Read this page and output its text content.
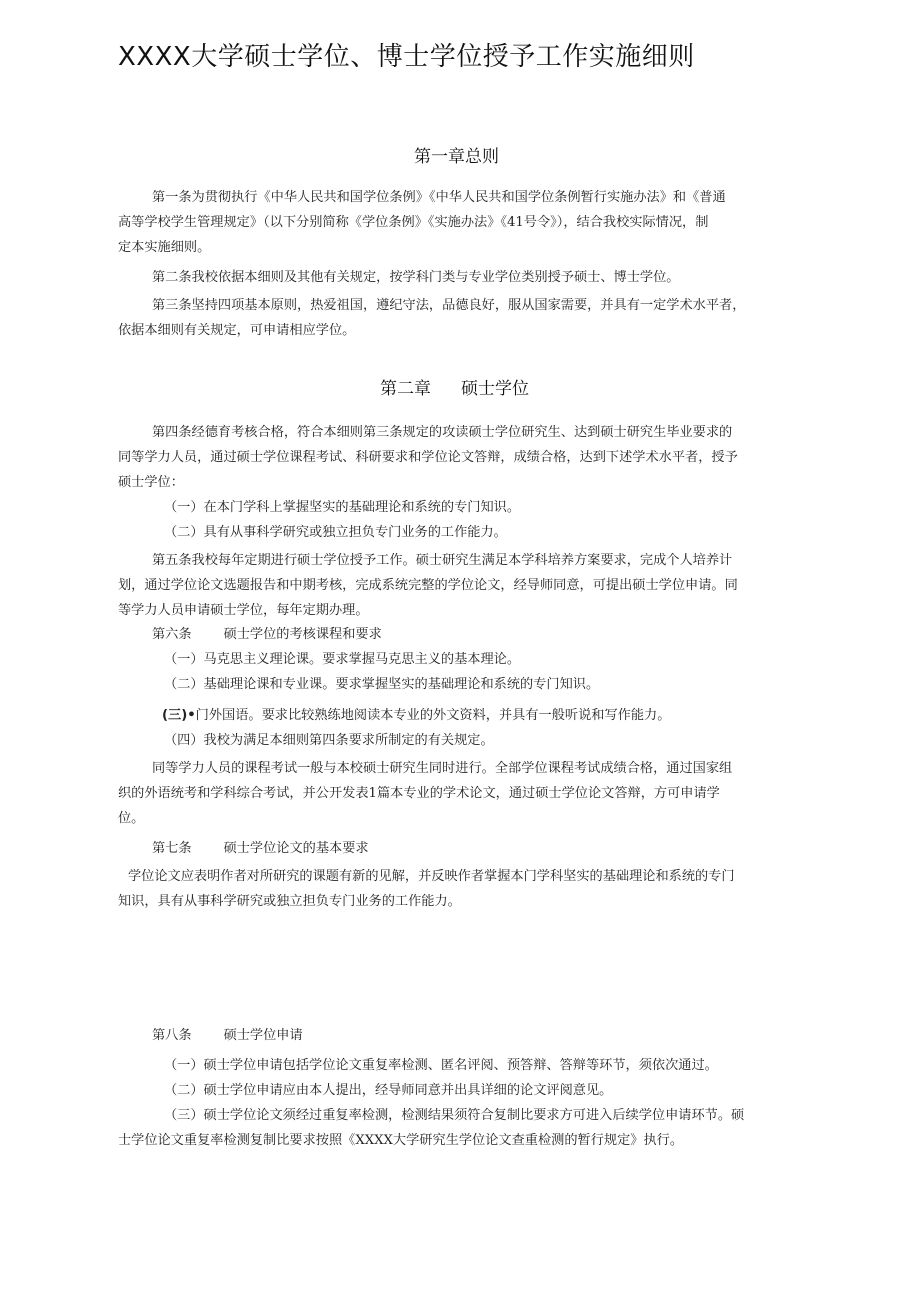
XXXX大学硕士学位、博士学位授予工作实施细则
第一章总则
第一条为贯彻执行《中华人民共和国学位条例》《中华人民共和国学位条例暂行实施办法》和《普通
高等学校学生管理规定》（以下分别简称《学位条例》《实施办法》《41号令》），结合我校实际情况，制
定本实施细则。
第二条我校依据本细则及其他有关规定，按学科门类与专业学位类别授予硕士、博士学位。
第三条坚持四项基本原则，热爱祖国，遵纪守法，品德良好，服从国家需要，并具有一定学术水平者，
依据本细则有关规定，可申请相应学位。
第二章 硕士学位
第四条经德育考核合格，符合本细则第三条规定的攻读硕士学位研究生、达到硕士研究生毕业要求的
同等学力人员，通过硕士学位课程考试、科研要求和学位论文答辩，成绩合格，达到下述学术水平者，授予
硕士学位：
（一）在本门学科上掌握坚实的基础理论和系统的专门知识。
（二）具有从事科学研究或独立担负专门业务的工作能力。
第五条我校每年定期进行硕士学位授予工作。硕士研究生满足本学科培养方案要求，完成个人培养计
划，通过学位论文选题报告和中期考核，完成系统完整的学位论文，经导师同意，可提出硕士学位申请。同
等学力人员申请硕士学位，每年定期办理。
第六条 硕士学位的考核课程和要求
（一）马克思主义理论课。要求掌握马克思主义的基本理论。
（二）基础理论课和专业课。要求掌握坚实的基础理论和系统的专门知识。
(三)•门外国语。要求比较熟练地阅读本专业的外文资料，并具有一般听说和写作能力。
（四）我校为满足本细则第四条要求所制定的有关规定。
同等学力人员的课程考试一般与本校硕士研究生同时进行。全部学位课程考试成绩合格，通过国家组
织的外语统考和学科综合考试，并公开发表1篇本专业的学术论文，通过硕士学位论文答辩，方可申请学
位。
第七条 硕士学位论文的基本要求
学位论文应表明作者对所研究的课题有新的见解，并反映作者掌握本门学科坚实的基础理论和系统的专门
知识，具有从事科学研究或独立担负专门业务的工作能力。
第八条 硕士学位申请
（一）硕士学位申请包括学位论文重复率检测、匿名评阅、预答辩、答辩等环节，须依次通过。
（二）硕士学位申请应由本人提出，经导师同意并出具详细的论文评阅意见。
（三）硕士学位论文须经过重复率检测，检测结果须符合复制比要求方可进入后续学位申请环节。硕
士学位论文重复率检测复制比要求按照《XXXX大学研究生学位论文查重检测的暂行规定》执行。
